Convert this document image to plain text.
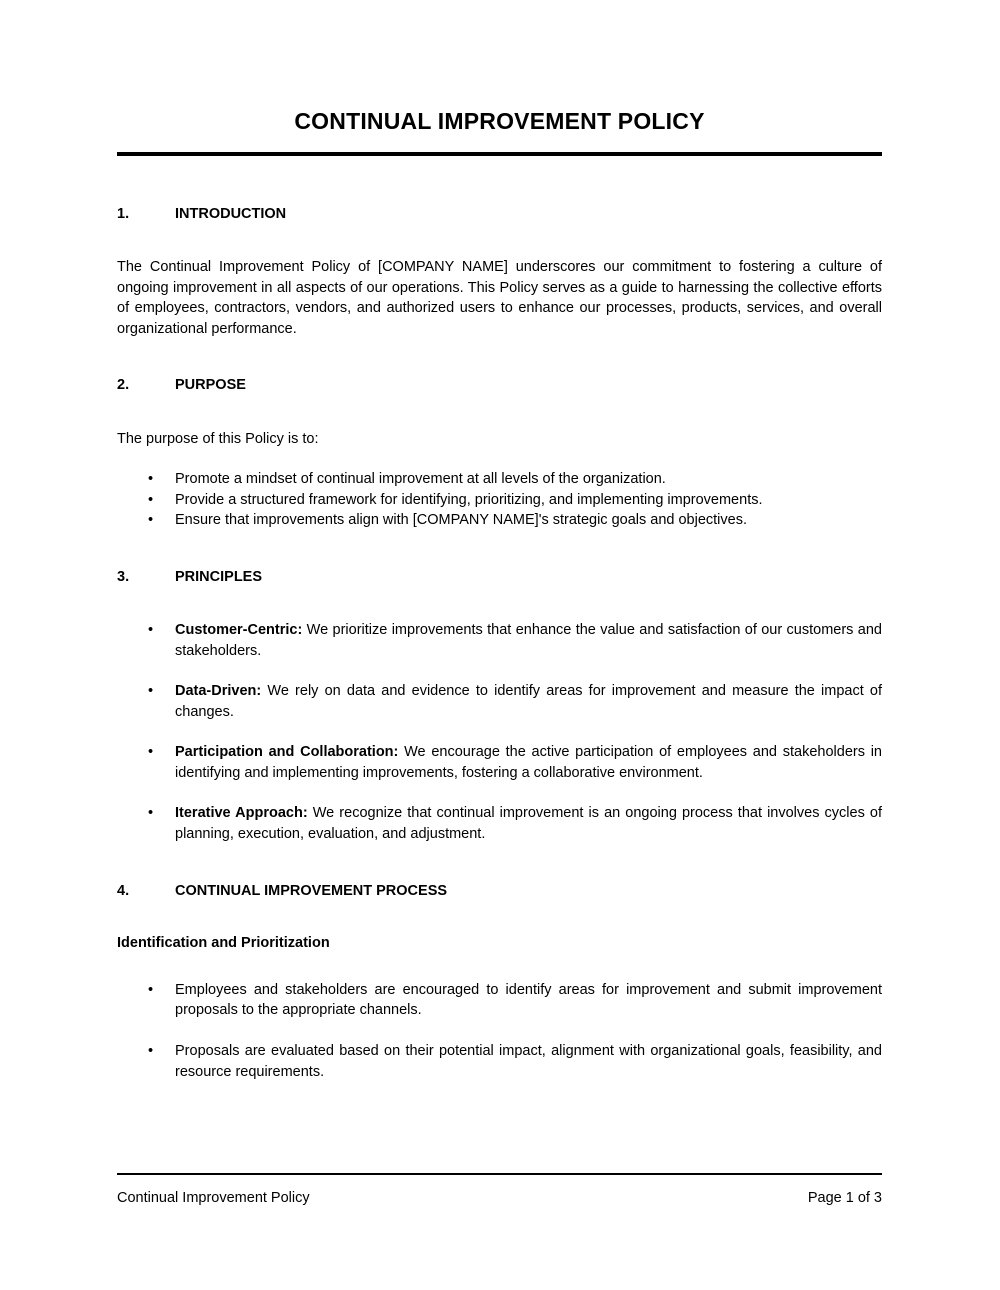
CONTINUAL IMPROVEMENT POLICY
1.	INTRODUCTION

The Continual Improvement Policy of [COMPANY NAME] underscores our commitment to fostering a culture of ongoing improvement in all aspects of our operations. This Policy serves as a guide to harnessing the collective efforts of employees, contractors, vendors, and authorized users to enhance our processes, products, services, and overall organizational performance.

2.	PURPOSE

The purpose of this Policy is to:

• Promote a mindset of continual improvement at all levels of the organization.
• Provide a structured framework for identifying, prioritizing, and implementing improvements.
• Ensure that improvements align with [COMPANY NAME]'s strategic goals and objectives.
3.	PRINCIPLES
• Customer-Centric: We prioritize improvements that enhance the value and satisfaction of our customers and stakeholders.
• Data-Driven: We rely on data and evidence to identify areas for improvement and measure the impact of changes.
• Participation and Collaboration: We encourage the active participation of employees and stakeholders in identifying and implementing improvements, fostering a collaborative environment.
• Iterative Approach: We recognize that continual improvement is an ongoing process that involves cycles of planning, execution, evaluation, and adjustment.
4.	CONTINUAL IMPROVEMENT PROCESS
Identification and Prioritization
• Employees and stakeholders are encouraged to identify areas for improvement and submit improvement proposals to the appropriate channels.
• Proposals are evaluated based on their potential impact, alignment with organizational goals, feasibility, and resource requirements.
Continual Improvement Policy	Page 1 of 3
